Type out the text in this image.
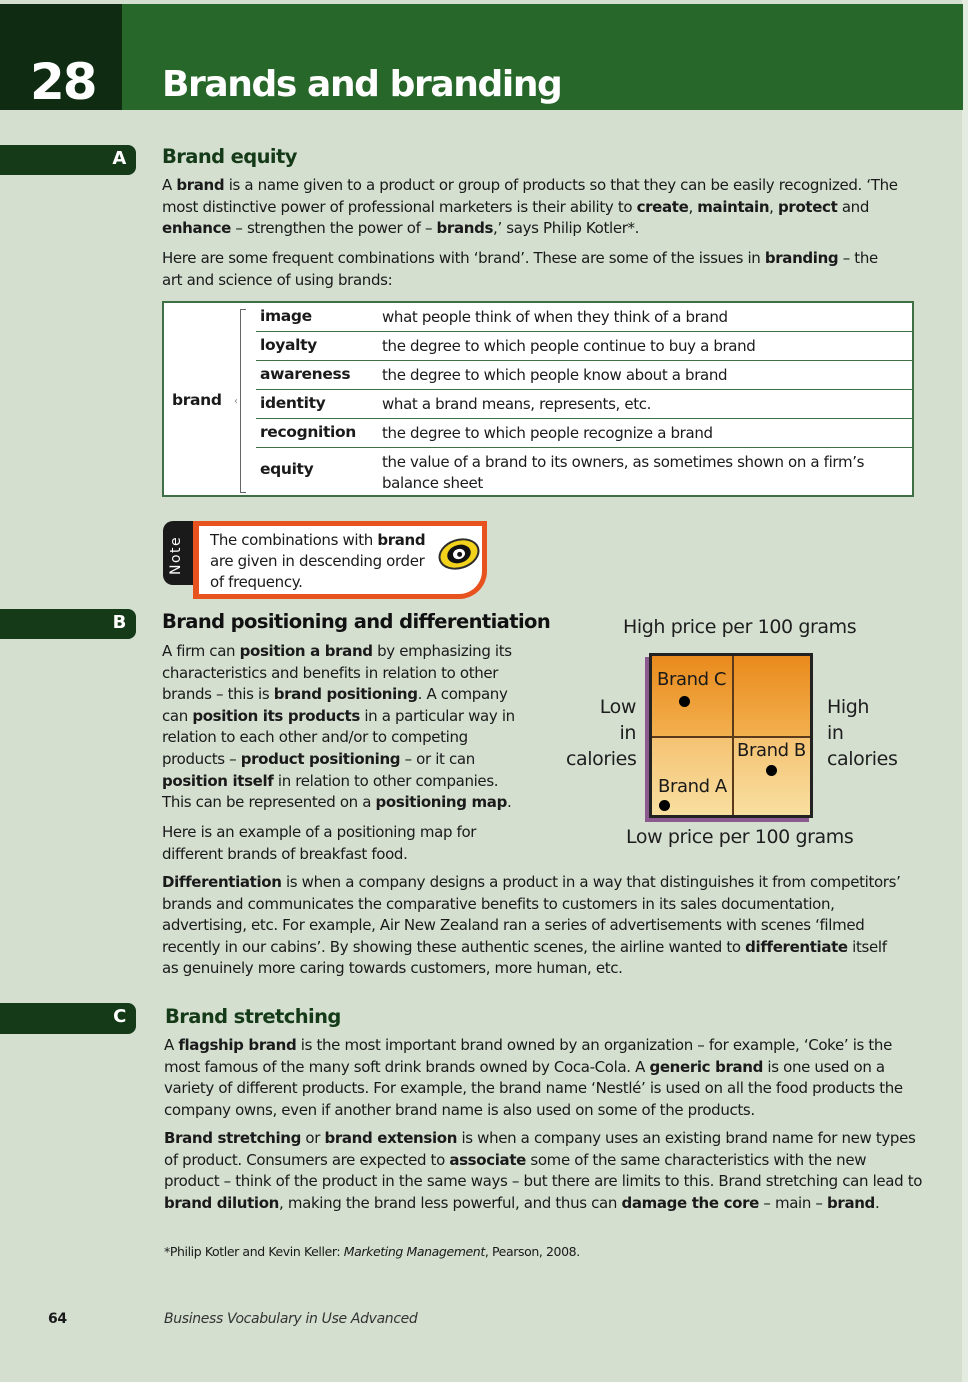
28 Brands and branding
A Brand equity
A brand is a name given to a product or group of products so that they can be easily recognized. ‘The most distinctive power of professional marketers is their ability to create, maintain, protect and enhance – strengthen the power of – brands,’ says Philip Kotler*.
Here are some frequent combinations with ‘brand’. These are some of the issues in branding – the art and science of using brands:
brand ‹
image	what people think of when they think of a brand
loyalty	the degree to which people continue to buy a brand
awareness the degree to which people know about a brand
identity	what a brand means, represents, etc.
recognition the degree to which people recognize a brand
equity	the value of a brand to its owners, as sometimes shown on a firm’s balance sheet
Note The combinations with brand are given in descending order of frequency.
B Brand positioning and differentiation
A firm can position a brand by emphasizing its characteristics and benefits in relation to other brands – this is brand positioning. A company can position its products in a particular way in relation to each other and/or to competing products – product positioning – or it can position itself in relation to other companies. This can be represented on a positioning map.
Here is an example of a positioning map for different brands of breakfast food.
High price per 100 grams
Low
in
calories
High
in
calories
Brand C
Brand B
Brand A
Low price per 100 grams
Differentiation is when a company designs a product in a way that distinguishes it from competitors’ brands and communicates the comparative benefits to customers in its sales documentation, advertising, etc. For example, Air New Zealand ran a series of advertisements with scenes ‘filmed recently in our cabins’. By showing these authentic scenes, the airline wanted to differentiate itself as genuinely more caring towards customers, more human, etc.
C Brand stretching
A flagship brand is the most important brand owned by an organization – for example, ‘Coke’ is the most famous of the many soft drink brands owned by Coca-Cola. A generic brand is one used on a variety of different products. For example, the brand name ‘Nestlé’ is used on all the food products the company owns, even if another brand name is also used on some of the products.
Brand stretching or brand extension is when a company uses an existing brand name for new types of product. Consumers are expected to associate some of the same characteristics with the new product – think of the product in the same ways – but there are limits to this. Brand stretching can lead to brand dilution, making the brand less powerful, and thus can damage the core – main – brand.
*Philip Kotler and Kevin Keller: Marketing Management, Pearson, 2008.
64	Business Vocabulary in Use Advanced
